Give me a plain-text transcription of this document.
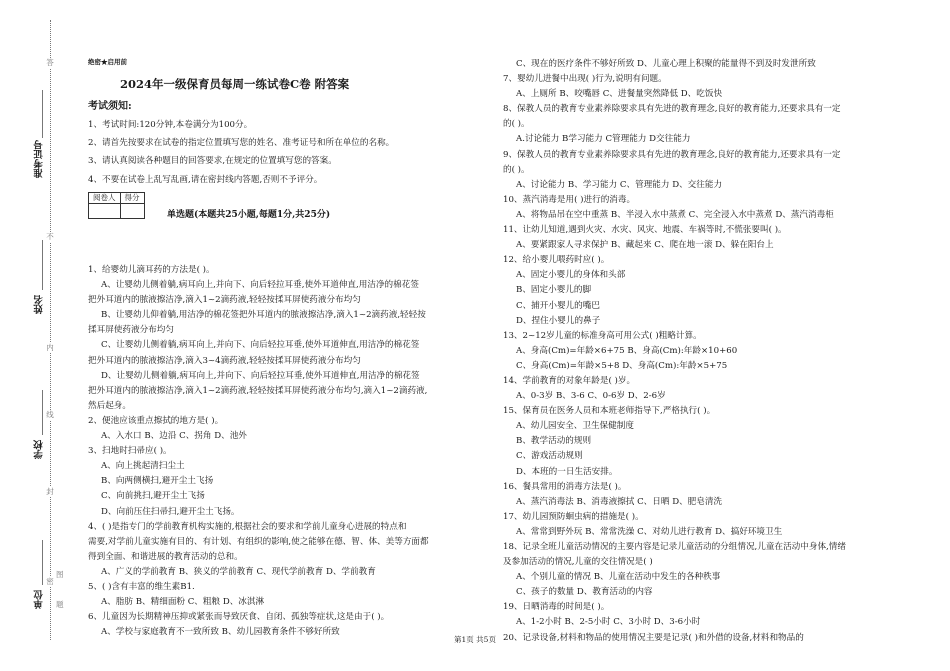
答
不
内
线
封
密
准考证号
姓名
学校
单位 题
图
绝密★启用前
2024年一级保育员每周一练试卷C卷 附答案
考试须知:
1、考试时间:120分钟,本卷满分为100分。
2、请首先按要求在试卷的指定位置填写您的姓名、准考证号和所在单位的名称。
3、请认真阅读各种题目的回答要求,在规定的位置填写您的答案。
4、不要在试卷上乱写乱画,请在密封线内答题,否则不予评分。
阅卷人	得分

单选题(本题共25小题,每题1分,共25分)
1、给婴幼儿滴耳药的方法是( )。
A、让婴幼儿侧着躺,病耳向上,并向下、向后轻拉耳垂,使外耳道伸直,用洁净的棉花签
把外耳道内的脓液擦洁净,滴入1~2滴药液,轻轻按揉耳屏使药液分布均匀
B、让婴幼儿仰着躺,用洁净的棉花签把外耳道内的脓液擦洁净,滴入1~2滴药液,轻轻按
揉耳屏使药液分布均匀
C、让婴幼儿侧着躺,病耳向上,并向下、向后轻拉耳垂,使外耳道伸直,用洁净的棉花签
把外耳道内的脓液擦洁净,滴入3~4滴药液,轻轻按揉耳屏使药液分布均匀
D、让婴幼儿侧着躺,病耳向上,并向下、向后轻拉耳垂,使外耳道伸直,用洁净的棉花签
把外耳道内的脓液擦洁净,滴入1~2滴药液,轻轻按揉耳屏使药液分布均匀,滴入1~2滴药液,
然后起身。
2、便池应该重点擦拭的地方是( )。
A、入水口 B、边沿 C、拐角 D、池外
3、扫地时扫帚应( )。
A、向上挑起清扫尘土
B、向两侧横扫,避开尘土飞扬
C、向前挑扫,避开尘土飞扬
D、向前压住扫帚扫,避开尘土飞扬。
4、( )是指专门的学前教育机构实施的,根据社会的要求和学前儿童身心进展的特点和
需要,对学前儿童实施有目的、有计划、有组织的影响,使之能够在德、智、体、美等方面都
得到全面、和谐进展的教育活动的总和。
A、广义的学前教育 B、狭义的学前教育 C、现代学前教育 D、学前教育
5、( )含有丰富的维生素B1.
A、脂肪 B、精细面粉 C、粗粮 D、冰淇淋
6、儿童因为长期精神压抑或紧张而导致厌食、自闭、孤独等症状,这是由于( )。
A、学校与家庭教育不一致所致 B、幼儿园教育条件不够好所致
C、现在的医疗条件不够好所致 D、儿童心理上积聚的能量得不到及时发泄所致
7、婴幼儿进餐中出现( )行为,说明有问题。
A、上厕所 B、咬嘴唇 C、进餐量突然降低 D、吃饭快
8、保教人员的教育专业素养除要求具有先进的教育理念,良好的教育能力,还要求具有一定
的( )。
A.讨论能力 B学习能力 C管理能力 D交往能力
9、保教人员的教育专业素养除要求具有先进的教育理念,良好的教育能力,还要求具有一定
的( )。
A、讨论能力 B、学习能力 C、管理能力 D、交往能力
10、蒸汽消毒是用( )进行的消毒。
A、将物品吊在空中重蒸 B、半浸入水中蒸煮 C、完全浸入水中蒸煮 D、蒸汽消毒柜
11、让幼儿知道,遇到火灾、水灾、风灾、地震、车祸等时,不慌张要叫( )。
A、要紧跟家人寻求保护 B、藏起来 C、爬在地一滚 D、躲在阳台上
12、给小婴儿喂药时应( )。
A、固定小婴儿的身体和头部
B、固定小婴儿的脚
C、捕开小婴儿的嘴巴
D、捏住小婴儿的鼻子
13、2~12岁儿童的标准身高可用公式( )粗略计算。
A、身高(Cm)=年龄×6+75 B、身高(Cm):年龄×10+60
C、身高(Cm)=年龄×5+8 D、身高(Cm):年龄×5+75
14、学前教育的对象年龄是( )岁。
A、0-3岁 B、3-6 C、0-6岁 D、2-6岁
15、保育员在医务人员和本班老师指导下,严格执行( )。
A、幼儿园安全、卫生保健制度
B、教学活动的规则
C、游戏活动规则
D、本班的一日生活安排。
16、餐具常用的消毒方法是( )。
A、蒸汽消毒法 B、消毒液擦拭 C、日晒 D、肥皂清洗
17、幼儿园预防蛔虫病的措施是( )。
A、常常到野外玩 B、常常洗澡 C、对幼儿进行教育 D、搞好环境卫生
18、记录全班儿童活动情况的主要内容是记录儿童活动的分组情况,儿童在活动中身体,情绪
及参加活动的情况,儿童的交往情况是( )
A、个别儿童的情况 B、儿童在活动中发生的各种秩事
C、孩子的数量 D、教育活动的内容
19、日晒消毒的时间是( )。
A、1-2小时 B、2-5小时 C、3小时 D、3-6小时
20、记录设备,材料和物品的使用情况主要是记录( )和外借的设备,材料和物品的
第1页 共5页
